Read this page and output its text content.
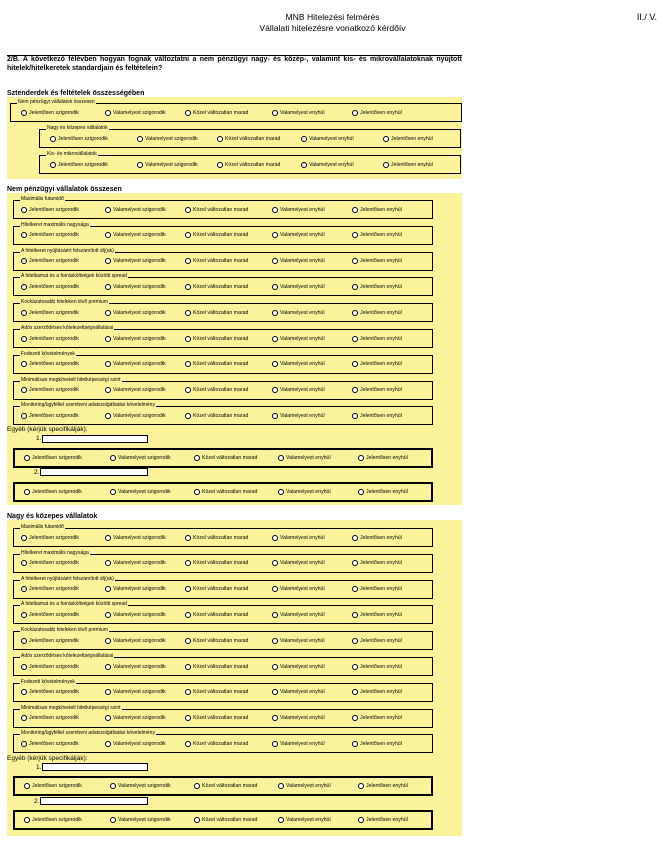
MNB Hitelezési felmérés
Vállalati hitelezésre vonatkozó kérdőív
II./ V.
2/B. A következő félévben hogyan fognak változtatni a nem pénzügyi nagy- és közép-, valamint kis- és mikrovállalatoknak nyújtott hitelek/hitelkeretek standardjain és feltételein?
Sztenderdek és feltételek összességében
Nem pénzügyi vállalatok összesen
Nagy és közepes vállalatok
Nem pénzügyi vállalatok összesen
Jelentősen szigorodik	Valamelyest szigorodik	Közel változatlan marad	Valamelyest enyhül	Jelentősen enyhül
Nagy és közepes vállalatok
Jelentősen szigorodik	Valamelyest szigorodik	Közel változatlan marad	Valamelyest enyhül	Jelentősen enyhül
Kis- és mikrovállalatok
Jelentősen szigorodik	Valamelyest szigorodik	Közel változatlan marad	Valamelyest enyhül	Jelentősen enyhül
Maximális futamidő
Jelentősen szigorodik	Valamelyest szigorodik	Közel változatlan marad	Valamelyest enyhül	Jelentősen enyhül
Hitelkeret maximális nagysága
Jelentősen szigorodik	Valamelyest szigorodik	Közel változatlan marad	Valamelyest enyhül	Jelentősen enyhül
A hitelkeret nyújtásáért felszámított díj(ak)
Jelentősen szigorodik	Valamelyest szigorodik	Közel változatlan marad	Valamelyest enyhül	Jelentősen enyhül
A hitelkamat és a forrásköltségek közötti spread
Jelentősen szigorodik	Valamelyest szigorodik	Közel változatlan marad	Valamelyest enyhül	Jelentősen enyhül
Kockázatosabb hiteleken lévő prémium
Jelentősen szigorodik	Valamelyest szigorodik	Közel változatlan marad	Valamelyest enyhül	Jelentősen enyhül
Adós szerződéses kötelezettségvállalásai
Jelentősen szigorodik	Valamelyest szigorodik	Közel változatlan marad	Valamelyest enyhül	Jelentősen enyhül
Fedezeti követelmények
Jelentősen szigorodik	Valamelyest szigorodik	Közel változatlan marad	Valamelyest enyhül	Jelentősen enyhül
Minimálisan megkövetelt hitelképességi szint
Jelentősen szigorodik	Valamelyest szigorodik	Közel változatlan marad	Valamelyest enyhül	Jelentősen enyhül
Monitoring/ügyféllel szembeni adatszolgáltatási követelmény
Jelentősen szigorodik	Valamelyest szigorodik	Közel változatlan marad	Valamelyest enyhül	Jelentősen enyhül
Maximális futamidő
Jelentősen szigorodik	Valamelyest szigorodik	Közel változatlan marad	Valamelyest enyhül	Jelentősen enyhül
Hitelkeret maximális nagysága
Jelentősen szigorodik	Valamelyest szigorodik	Közel változatlan marad	Valamelyest enyhül	Jelentősen enyhül
A hitelkeret nyújtásáért felszámított díj(ak)
Jelentősen szigorodik	Valamelyest szigorodik	Közel változatlan marad	Valamelyest enyhül	Jelentősen enyhül
A hitelkamat és a forrásköltségek közötti spread
Jelentősen szigorodik	Valamelyest szigorodik	Közel változatlan marad	Valamelyest enyhül	Jelentősen enyhül
Kockázatosabb hiteleken lévő prémium
Jelentősen szigorodik	Valamelyest szigorodik	Közel változatlan marad	Valamelyest enyhül	Jelentősen enyhül
Adós szerződéses kötelezettségvállalásai
Jelentősen szigorodik	Valamelyest szigorodik	Közel változatlan marad	Valamelyest enyhül	Jelentősen enyhül
Fedezeti követelmények
Jelentősen szigorodik	Valamelyest szigorodik	Közel változatlan marad	Valamelyest enyhül	Jelentősen enyhül
Minimálisan megkövetelt hitelképességi szint
Jelentősen szigorodik	Valamelyest szigorodik	Közel változatlan marad	Valamelyest enyhül	Jelentősen enyhül
Monitoring/ügyféllel szembeni adatszolgáltatási követelmény
Jelentősen szigorodik	Valamelyest szigorodik	Közel változatlan marad	Valamelyest enyhül	Jelentősen enyhül
Jelentősen szigorodik	Valamelyest szigorodik	Közel változatlan marad	Valamelyest enyhül	Jelentősen enyhül
Jelentősen szigorodik	Valamelyest szigorodik	Közel változatlan marad	Valamelyest enyhül	Jelentősen enyhül
Jelentősen szigorodik	Valamelyest szigorodik	Közel változatlan marad	Valamelyest enyhül	Jelentősen enyhül
Jelentősen szigorodik	Valamelyest szigorodik	Közel változatlan marad	Valamelyest enyhül	Jelentősen enyhül
Egyéb (kérjük specifikálják):
1.
2.
Egyéb (kérjük specifikálják):
1.
2.
